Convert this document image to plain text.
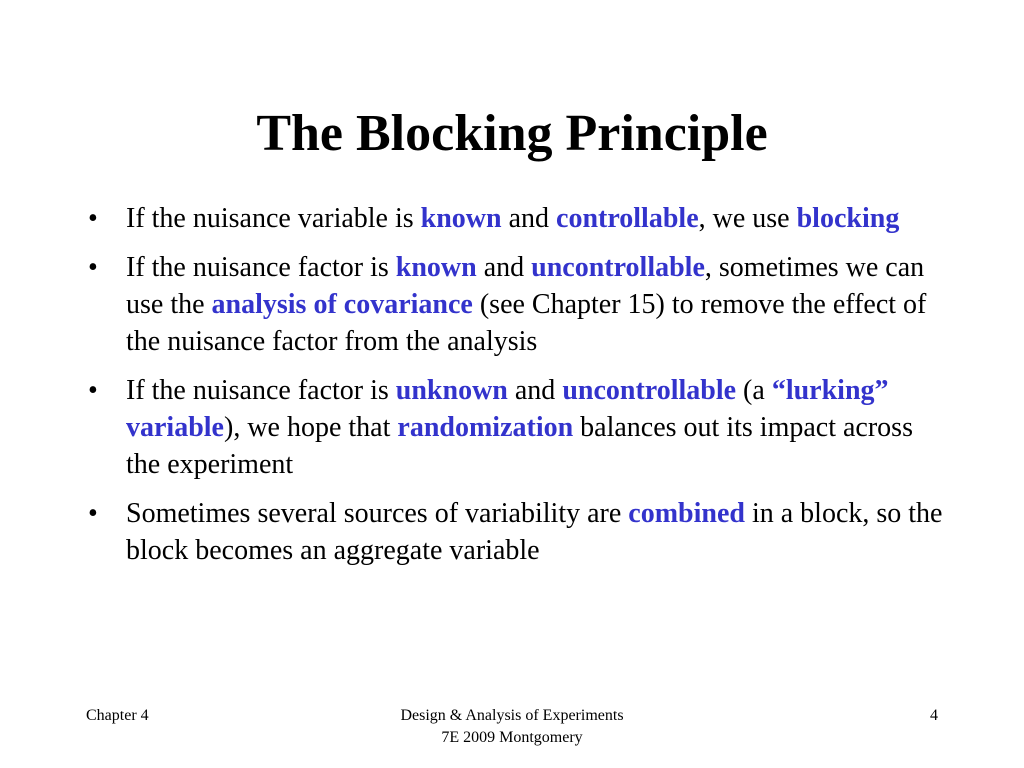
The Blocking Principle
• If the nuisance variable is known and controllable, we use blocking
• If the nuisance factor is known and uncontrollable, sometimes we can use the analysis of covariance (see Chapter 15) to remove the effect of the nuisance factor from the analysis
• If the nuisance factor is unknown and uncontrollable (a “lurking” variable), we hope that randomization balances out its impact across the experiment
• Sometimes several sources of variability are combined in a block, so the block becomes an aggregate variable
Chapter 4	Design & Analysis of Experiments
7E 2009 Montgomery
4
